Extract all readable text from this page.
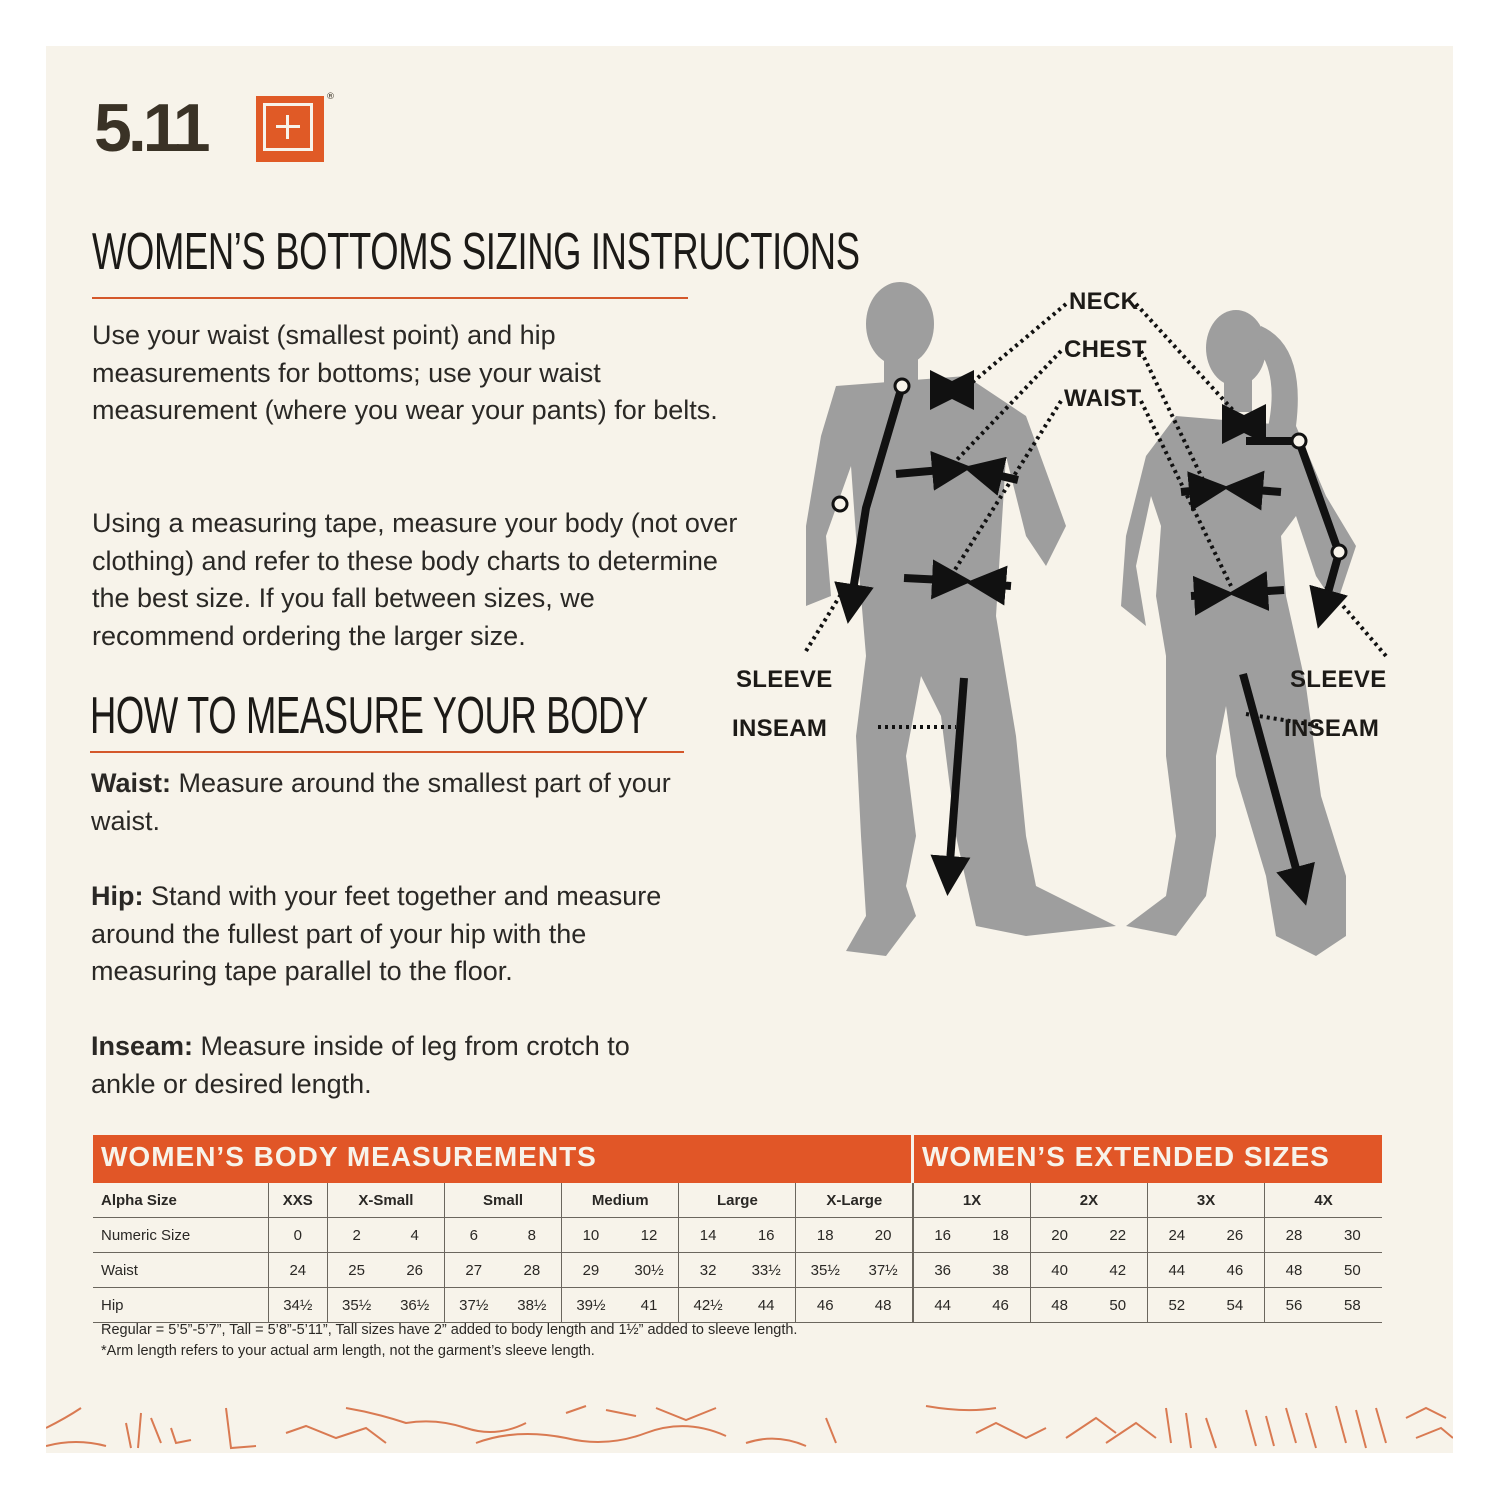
5.11	®
WOMEN’S BOTTOMS SIZING INSTRUCTIONS

Use your waist (smallest point) and hip measurements for bottoms; use your waist measurement (where you wear your pants) for belts.

Using a measuring tape, measure your body (not over clothing) and refer to these body charts to determine the best size. If you fall between sizes, we recommend ordering the larger size.

HOW TO MEASURE YOUR BODY

Waist: Measure around the smallest part of your waist.

Hip: Stand with your feet together and measure around the fullest part of your hip with the measuring tape parallel to the floor.

Inseam: Measure inside of leg from crotch to ankle or desired length.

NECK
CHEST
WAIST
SLEEVE	SLEEVE
INSEAM	INSEAM
WOMEN’S BODY MEASUREMENTS	WOMEN’S EXTENDED SIZES
Alpha Size	XXS	X-Small		Small		Medium		Large		X-Large		1X		2X		3X		4X	
Numeric Size	0	2	4	6	8	10	12	14	16	18	20	16	18	20	22	24	26	28	30
Waist	24	25	26	27	28	29	30½	32	33½	35½	37½	36	38	40	42	44	46	48	50
Hip	34½	35½	36½	37½	38½	39½	41	42½	44	46	48	44	46	48	50	52	54	56	58
Regular = 5’5”-5’7”, Tall = 5’8”-5’11”, Tall sizes have 2” added to body length and 1½” added to sleeve length.
*Arm length refers to your actual arm length, not the garment’s sleeve length.
